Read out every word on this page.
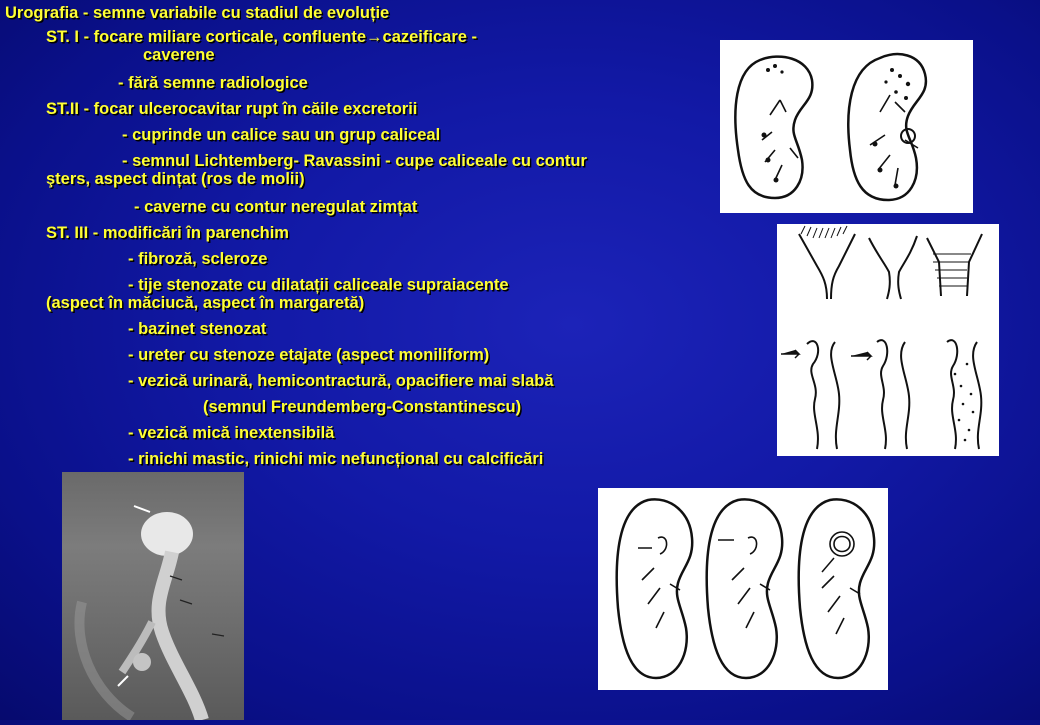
Urografia - semne variabile cu stadiul de evoluție
ST. I - focare miliare corticale, confluente→cazeificare -
caverene
- fără semne radiologice
ST.II - focar ulcerocavitar rupt în căile excretorii
- cuprinde un calice sau un grup caliceal
- semnul Lichtemberg- Ravassini - cupe caliceale cu contur
şters, aspect dințat (ros de molii)
- caverne cu contur neregulat zimțat
ST. III - modificări în parenchim
- fibroză, scleroze
- tije stenozate cu dilatații caliceale supraiacente
(aspect în măciucă, aspect în margaretă)
- bazinet stenozat
- ureter cu stenoze etajate (aspect moniliform)
- vezică urinară, hemicontractură, opacifiere mai slabă
(semnul Freundemberg-Constantinescu)
- vezică mică inextensibilă
- rinichi mastic, rinichi mic nefuncțional cu calcificări
